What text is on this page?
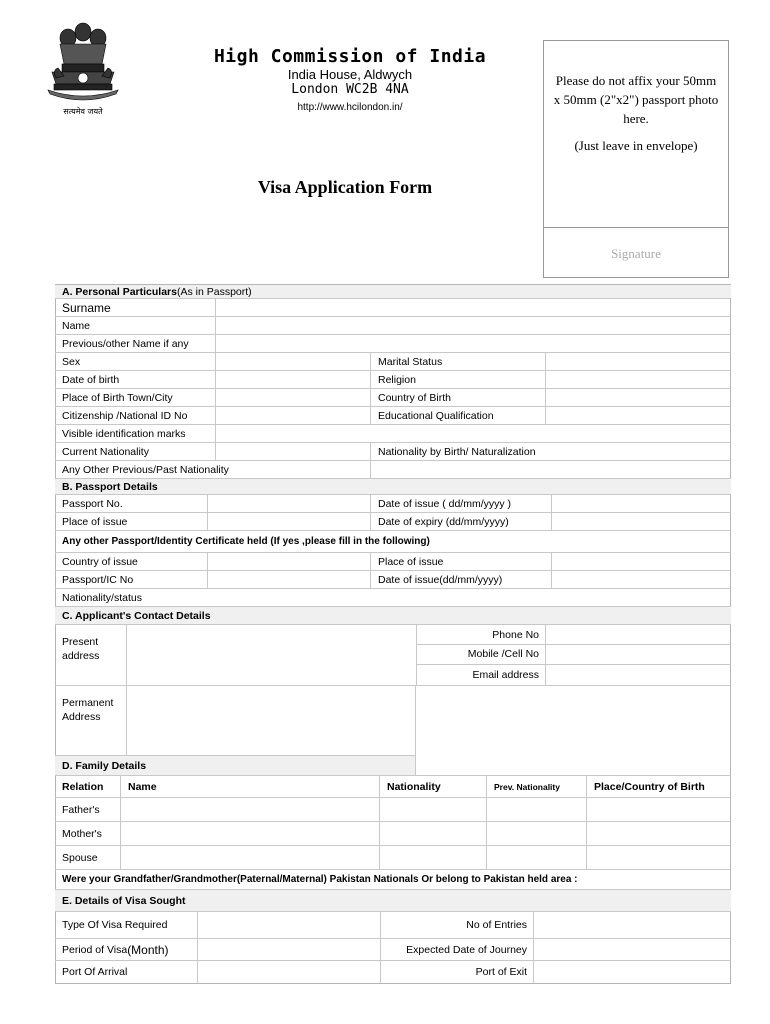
सत्यमेव जयते
High Commission of India
India House, Aldwych
London WC2B 4NA
http://www.hcilondon.in/
Visa Application Form
Please do not affix your 50mm x 50mm (2"x2") passport photo here.
(Just leave in envelope)
Signature
A. Personal Particulars (As in Passport)
Surname
Name
Previous/other Name if any
Sex	Marital Status
Date of birth	Religion
Place of Birth Town/City	Country of Birth
Citizenship /National ID No	Educational Qualification
Visible identification marks
Current Nationality	Nationality by Birth/ Naturalization
Any Other Previous/Past Nationality
B. Passport Details
Passport No.	Date of issue ( dd/mm/yyyy )
Place of issue	Date of expiry (dd/mm/yyyy)
Any other Passport/Identity Certificate held (If yes ,please fill in the following)
Country of issue	Place of issue
Passport/IC No	Date of issue(dd/mm/yyyy)
Nationality/status
C. Applicant's Contact Details
Present address
Phone No
Mobile /Cell No
Email address
Permanent Address
D. Family Details
Relation	Name	Nationality	Prev. Nationality	Place/Country of Birth
Father's
Mother's
Spouse
Were your Grandfather/Grandmother(Paternal/Maternal) Pakistan Nationals Or belong to Pakistan held area :
E. Details of Visa Sought
Type Of Visa Required	No of Entries
Period of Visa (Month)	Expected Date of Journey
Port Of Arrival	Port of Exit
